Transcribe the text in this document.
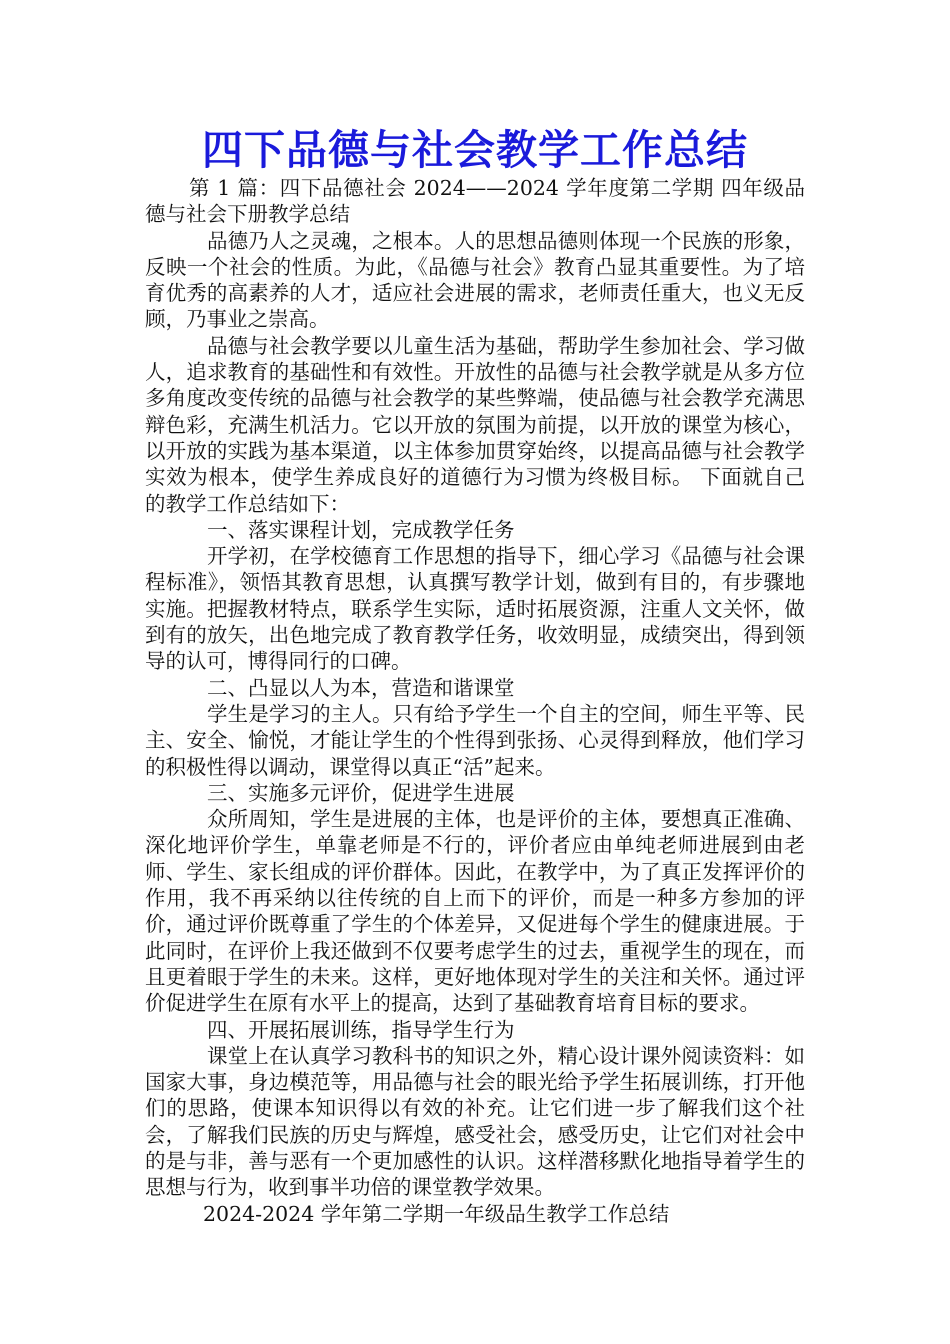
四下品德与社会教学工作总结

第 1 篇：四下品德社会 2024——2024 学年度第二学期 四年级品德与社会下册教学总结

品德乃人之灵魂，之根本。人的思想品德则体现一个民族的形象，反映一个社会的性质。为此，《品德与社会》教育凸显其重要性。为了培育优秀的高素养的人才，适应社会进展的需求，老师责任重大，也义无反顾，乃事业之崇高。

品德与社会教学要以儿童生活为基础，帮助学生参加社会、学习做人，追求教育的基础性和有效性。开放性的品德与社会教学就是从多方位多角度改变传统的品德与社会教学的某些弊端，使品德与社会教学充满思辩色彩，充满生机活力。它以开放的氛围为前提，以开放的课堂为核心，以开放的实践为基本渠道，以主体参加贯穿始终，以提高品德与社会教学实效为根本，使学生养成良好的道德行为习惯为终极目标。 下面就自己的教学工作总结如下：

一、落实课程计划，完成教学任务

开学初，在学校德育工作思想的指导下，细心学习《品德与社会课程标准》，领悟其教育思想，认真撰写教学计划，做到有目的，有步骤地实施。把握教材特点，联系学生实际，适时拓展资源，注重人文关怀，做到有的放矢，出色地完成了教育教学任务，收效明显，成绩突出，得到领导的认可，博得同行的口碑。

二、凸显以人为本，营造和谐课堂

学生是学习的主人。只有给予学生一个自主的空间，师生平等、民主、安全、愉悦，才能让学生的个性得到张扬、心灵得到释放，他们学习的积极性得以调动，课堂得以真正“活”起来。

三、实施多元评价，促进学生进展

众所周知，学生是进展的主体，也是评价的主体，要想真正准确、深化地评价学生，单靠老师是不行的，评价者应由单纯老师进展到由老师、学生、家长组成的评价群体。因此，在教学中，为了真正发挥评价的作用，我不再采纳以往传统的自上而下的评价，而是一种多方参加的评价，通过评价既尊重了学生的个体差异，又促进每个学生的健康进展。于此同时，在评价上我还做到不仅要考虑学生的过去，重视学生的现在，而且更着眼于学生的未来。这样，更好地体现对学生的关注和关怀。通过评价促进学生在原有水平上的提高，达到了基础教育培育目标的要求。

四、开展拓展训练，指导学生行为

课堂上在认真学习教科书的知识之外，精心设计课外阅读资料：如国家大事，身边模范等，用品德与社会的眼光给予学生拓展训练，打开他们的思路，使课本知识得以有效的补充。让它们进一步了解我们这个社会，了解我们民族的历史与辉煌，感受社会，感受历史，让它们对社会中的是与非，善与恶有一个更加感性的认识。这样潜移默化地指导着学生的思想与行为，收到事半功倍的课堂教学效果。

2024-2024 学年第二学期一年级品生教学工作总结
